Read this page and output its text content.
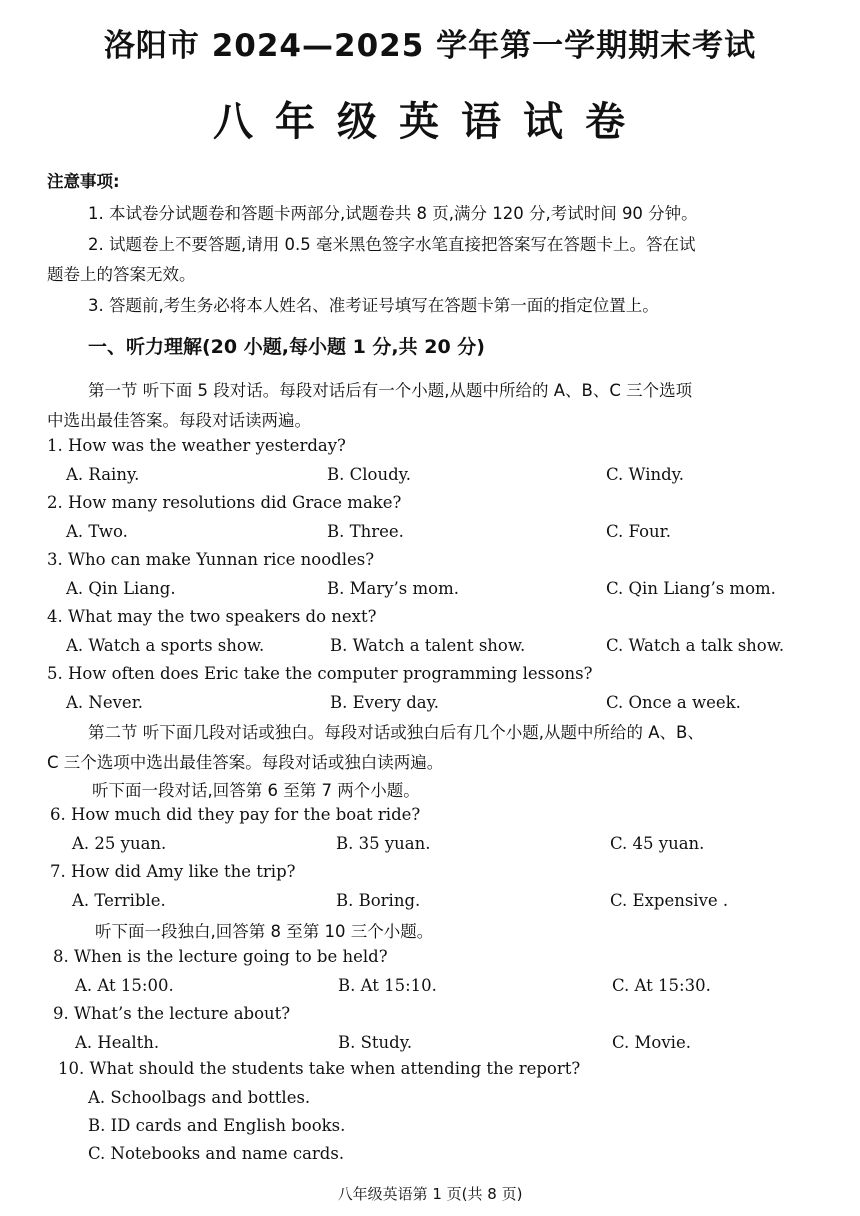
洛阳市 2024—2025 学年第一学期期末考试
八年级英语试卷
注意事项:
1. 本试卷分试题卷和答题卡两部分,试题卷共 8 页,满分 120 分,考试时间 90 分钟。
2. 试题卷上不要答题,请用 0.5 毫米黑色签字水笔直接把答案写在答题卡上。答在试
题卷上的答案无效。
3. 答题前,考生务必将本人姓名、准考证号填写在答题卡第一面的指定位置上。
一、听力理解(20 小题,每小题 1 分,共 20 分)
第一节 听下面 5 段对话。每段对话后有一个小题,从题中所给的 A、B、C 三个选项
中选出最佳答案。每段对话读两遍。
1. How was the weather yesterday?
A. Rainy.	B. Cloudy.	C. Windy.
2. How many resolutions did Grace make?
A. Two.	B. Three.	C. Four.
3. Who can make Yunnan rice noodles?
A. Qin Liang.	B. Mary’s mom.	C. Qin Liang’s mom.
4. What may the two speakers do next?
A. Watch a sports show.	B. Watch a talent show.	C. Watch a talk show.
5. How often does Eric take the computer programming lessons?
A. Never.	B. Every day.	C. Once a week.
第二节 听下面几段对话或独白。每段对话或独白后有几个小题,从题中所给的 A、B、
C 三个选项中选出最佳答案。每段对话或独白读两遍。
听下面一段对话,回答第 6 至第 7 两个小题。
6. How much did they pay for the boat ride?
A. 25 yuan.	B. 35 yuan.	C. 45 yuan.
7. How did Amy like the trip?
A. Terrible.	B. Boring.	C. Expensive .
听下面一段独白,回答第 8 至第 10 三个小题。
8. When is the lecture going to be held?
A. At 15:00.	B. At 15:10.	C. At 15:30.
9. What’s the lecture about?
A. Health.	B. Study.	C. Movie.
10. What should the students take when attending the report?
A. Schoolbags and bottles.
B. ID cards and English books.
C. Notebooks and name cards.
八年级英语第 1 页(共 8 页)
